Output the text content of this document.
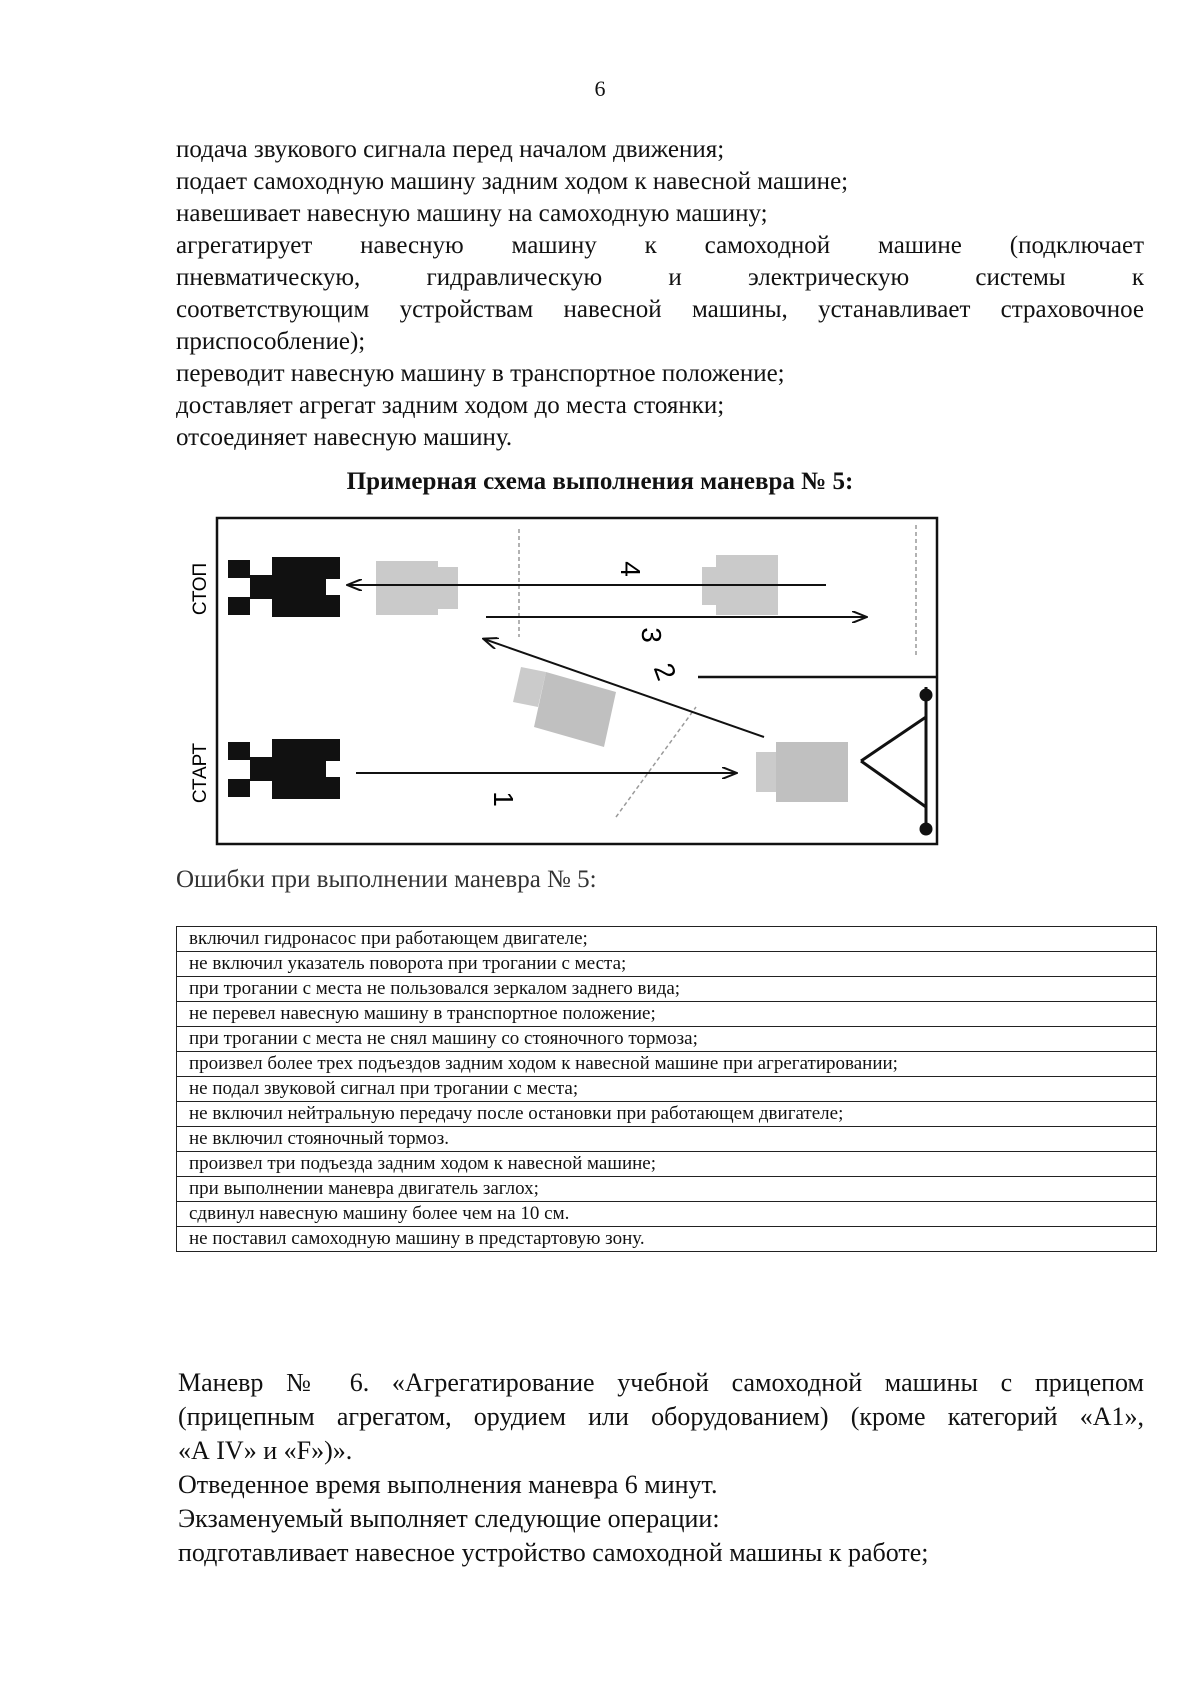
6
подача звукового сигнала перед началом движения;
подает самоходную машину задним ходом к навесной машине;
навешивает навесную машину на самоходную машину;
агрегатирует навесную машину к самоходной машине (подключает
пневматическую, гидравлическую и электрическую системы к
соответствующим устройствам навесной машины, устанавливает страховочное
приспособление);
переводит навесную машину в транспортное положение;
доставляет агрегат задним ходом до места стоянки;
отсоединяет навесную машину.
Примерная схема выполнения маневра № 5:
1
2
3
4
СТОП
СТАРТ
Ошибки при выполнении маневра № 5:
включил гидронасос при работающем двигателе;
не включил указатель поворота при трогании с места;
при трогании с места не пользовался зеркалом заднего вида;
не перевел навесную машину в транспортное положение;
при трогании с места не снял машину со стояночного тормоза;
произвел более трех подъездов задним ходом к навесной машине при агрегатировании;
не подал звуковой сигнал при трогании с места;
не включил нейтральную передачу после остановки при работающем двигателе;
не включил стояночный тормоз.
произвел три подъезда задним ходом к навесной машине;
при выполнении маневра двигатель заглох;
сдвинул навесную машину более чем на 10 см.
не поставил самоходную машину в предстартовую зону.
Маневр № 6. «Агрегатирование учебной самоходной машины с прицепом
(прицепным агрегатом, орудием или оборудованием) (кроме категорий «А1»,
«А IV» и «F»)».
Отведенное время выполнения маневра 6 минут.
Экзаменуемый выполняет следующие операции:
подготавливает навесное устройство самоходной машины к работе;
